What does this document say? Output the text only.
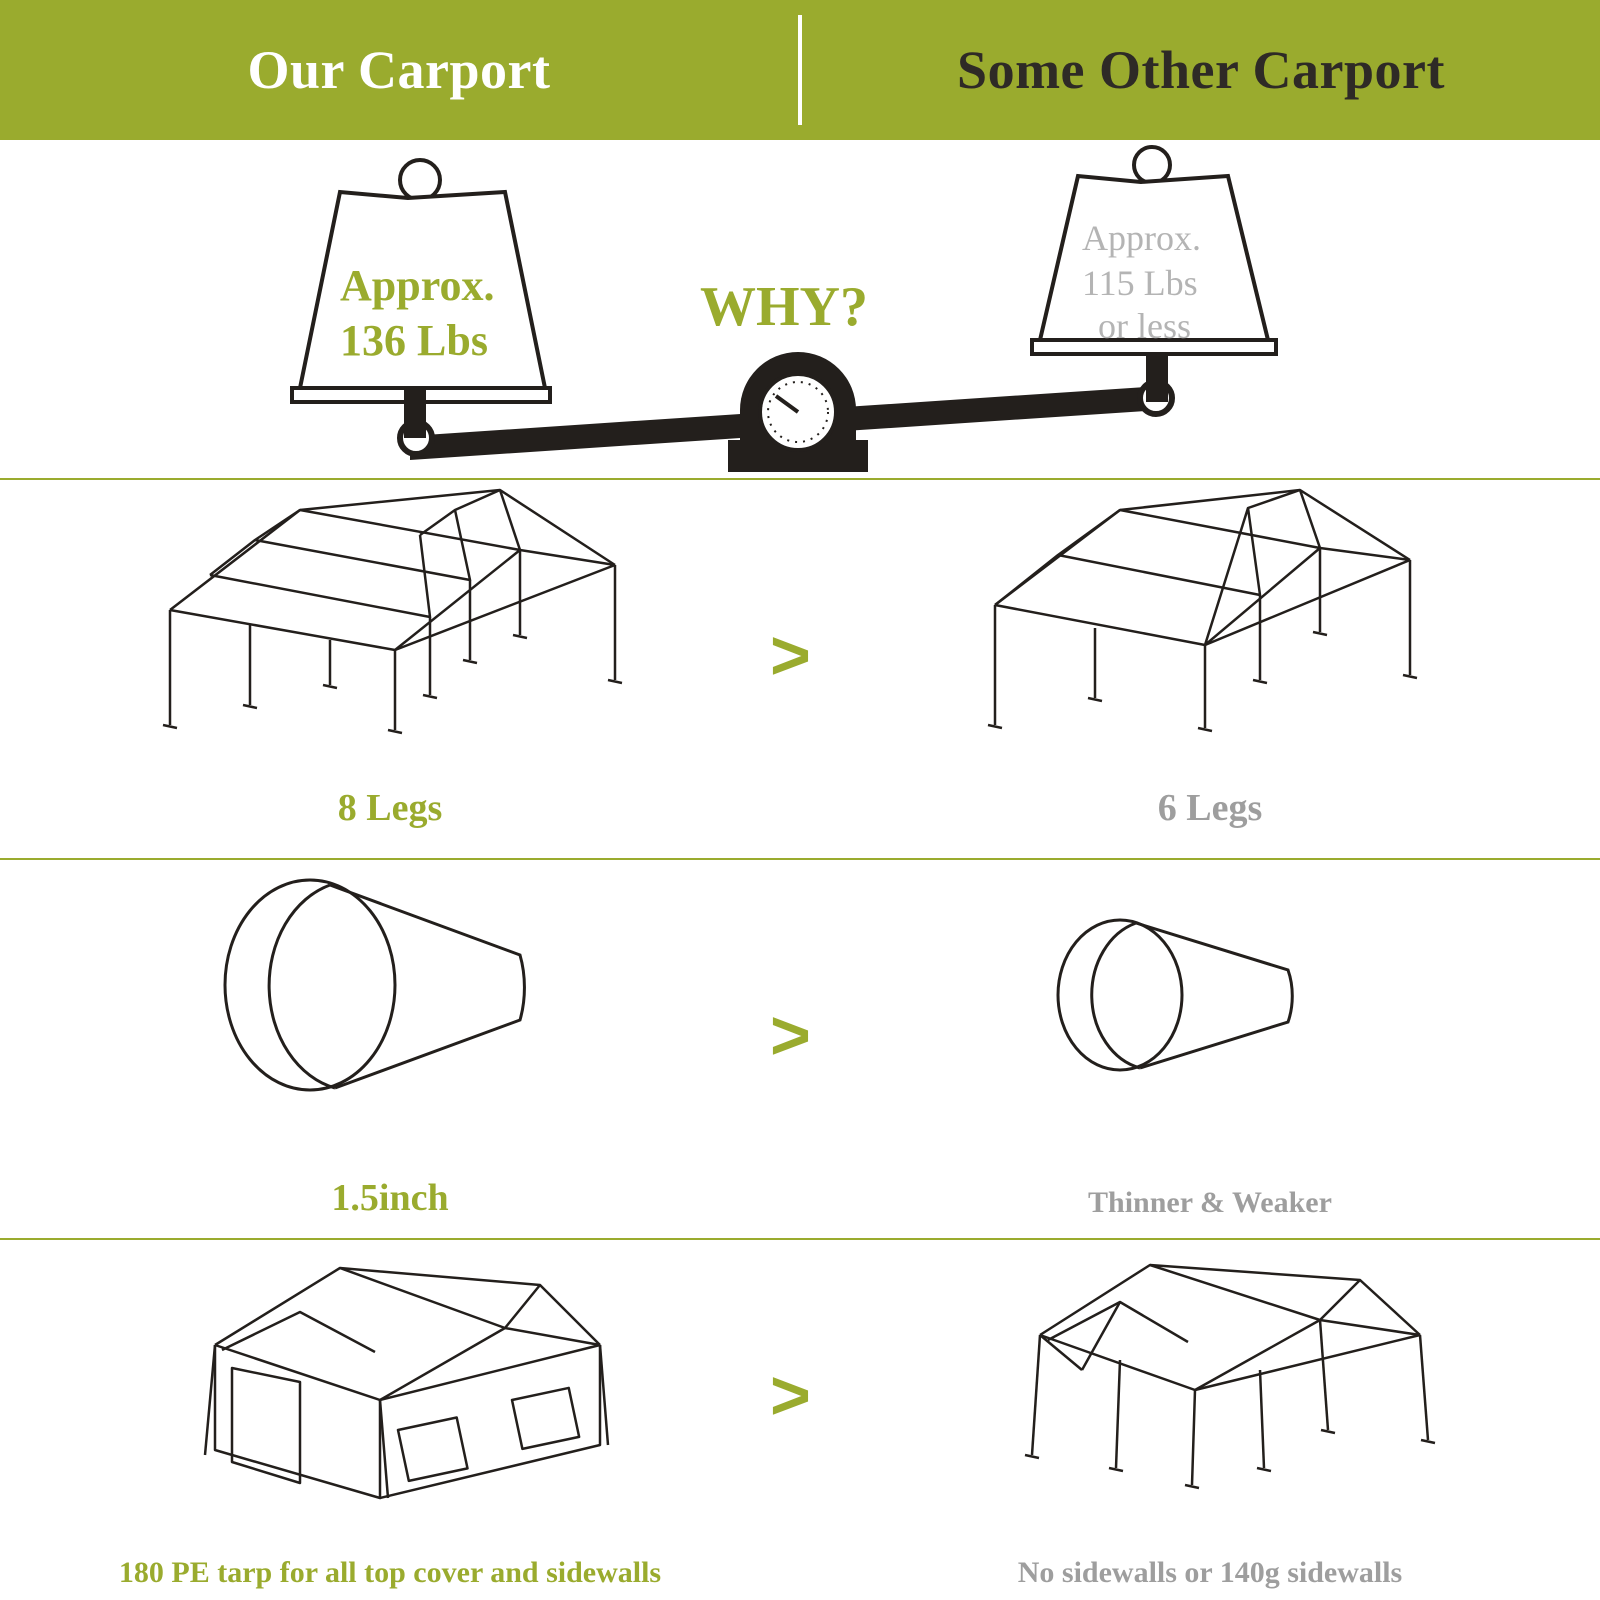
Our Carport	Some Other Carport
Approx.
136 Lbs
Approx.
115 Lbs
or less
WHY?
8 Legs
>
6 Legs
1.5inch
>
Thinner & Weaker
180 PE tarp for all top cover and sidewalls
>
No sidewalls or 140g sidewalls
